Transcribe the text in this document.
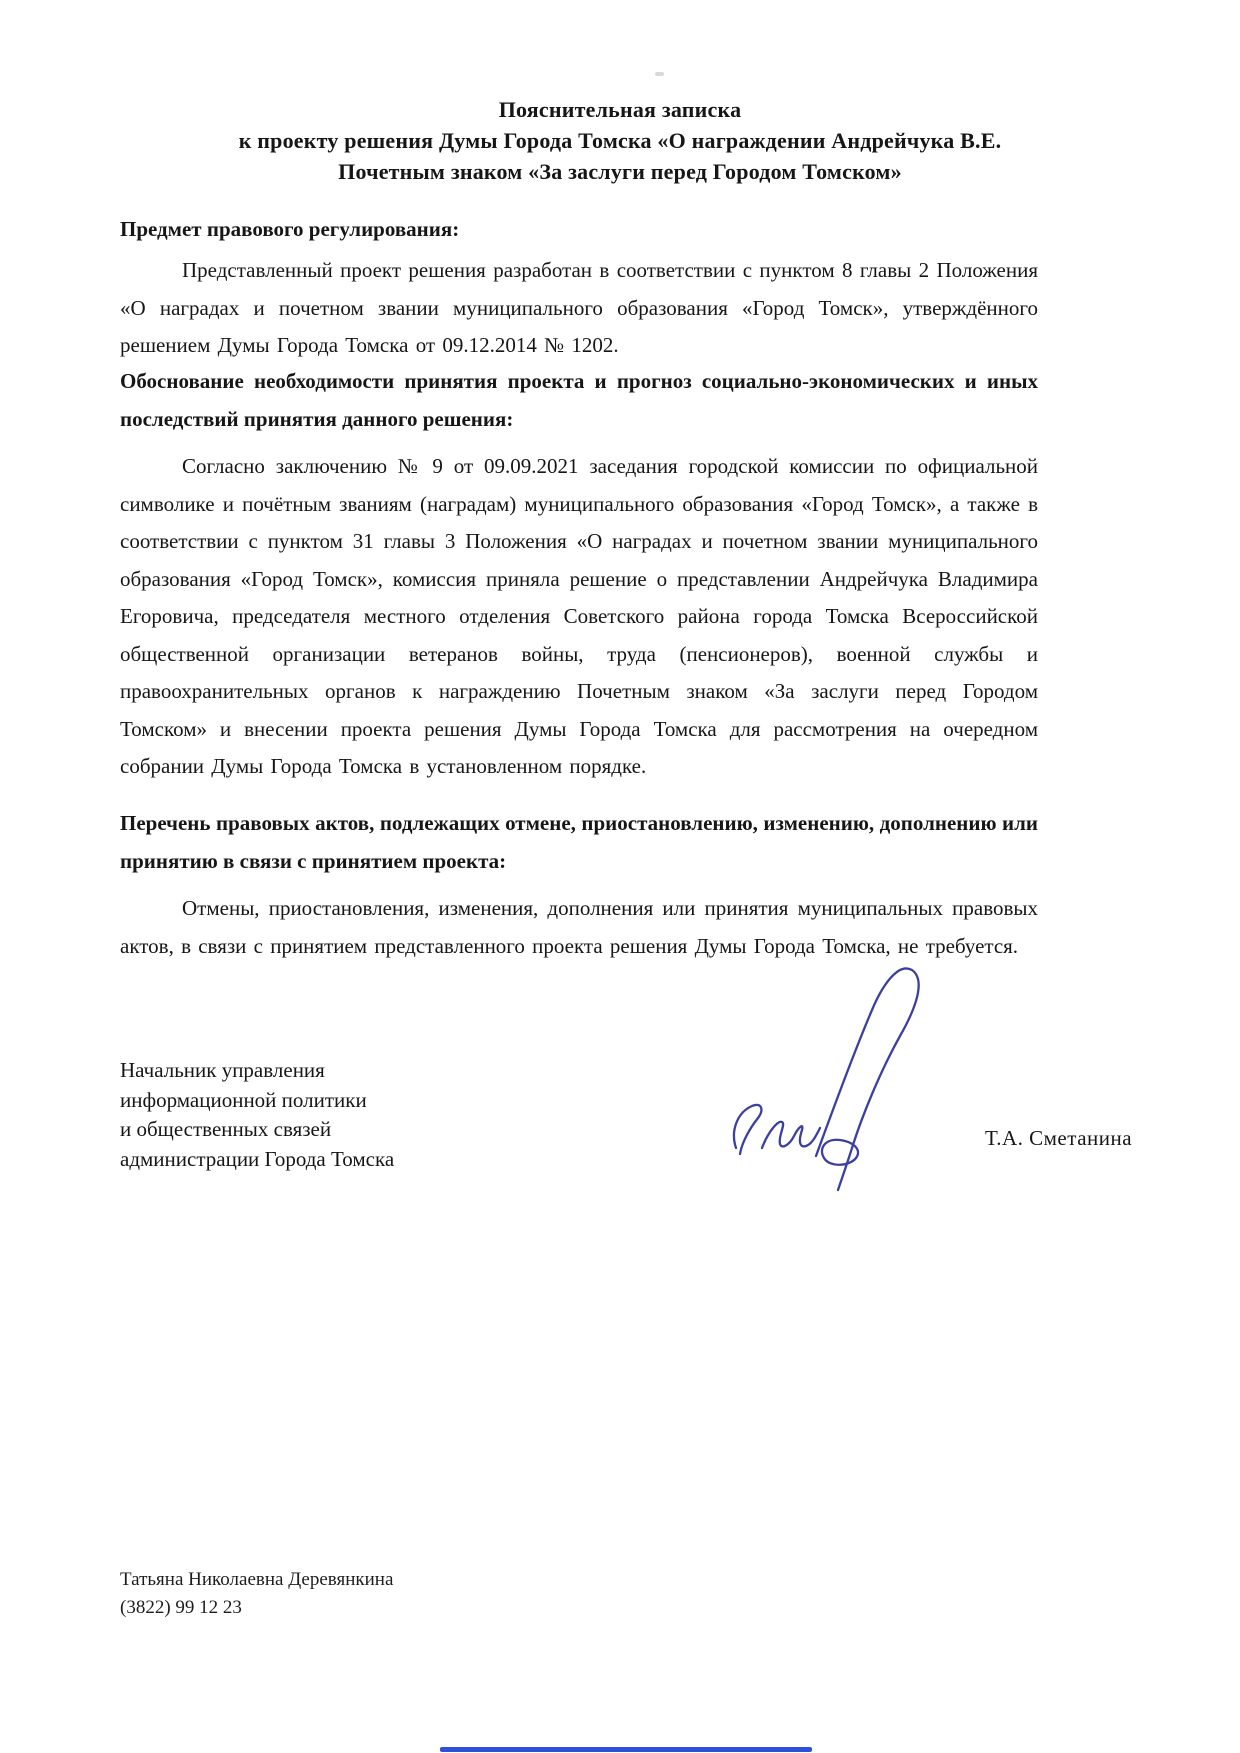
Пояснительная записка
к проекту решения Думы Города Томска «О награждении Андрейчука В.Е.
Почетным знаком «За заслуги перед Городом Томском»
Предмет правового регулирования:
Представленный проект решения разработан в соответствии с пунктом 8 главы 2 Положения «О наградах и почетном звании муниципального образования «Город Томск», утверждённого решением Думы Города Томска от 09.12.2014 № 1202.
Обоснование необходимости принятия проекта и прогноз социально-экономических и иных последствий принятия данного решения:
Согласно заключению № 9 от 09.09.2021 заседания городской комиссии по официальной символике и почётным званиям (наградам) муниципального образования «Город Томск», а также в соответствии с пунктом 31 главы 3 Положения «О наградах и почетном звании муниципального образования «Город Томск», комиссия приняла решение о представлении Андрейчука Владимира Егоровича, председателя местного отделения Советского района города Томска Всероссийской общественной организации ветеранов войны, труда (пенсионеров), военной службы и правоохранительных органов к награждению Почетным знаком «За заслуги перед Городом Томском» и внесении проекта решения Думы Города Томска для рассмотрения на очередном собрании Думы Города Томска в установленном порядке.
Перечень правовых актов, подлежащих отмене, приостановлению, изменению, дополнению или принятию в связи с принятием проекта:
Отмены, приостановления, изменения, дополнения или принятия муниципальных правовых актов, в связи с принятием представленного проекта решения Думы Города Томска, не требуется.
Начальник управления
информационной политики
и общественных связей
администрации Города Томска
Т.А. Сметанина
Татьяна Николаевна Деревянкина
(3822) 99 12 23
